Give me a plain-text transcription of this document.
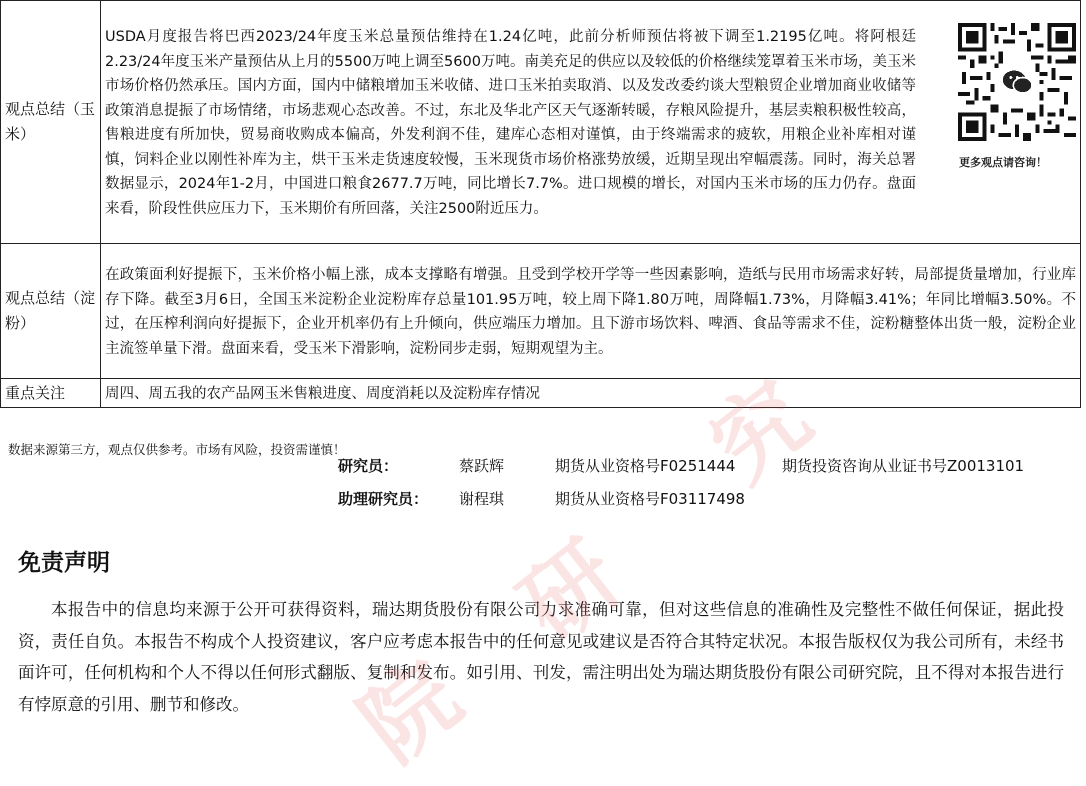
观点总结（玉米）	USDA月度报告将巴西2023/24年度玉米总量预估维持在1.24亿吨，此前分析师预估将被下调至1.2195亿吨。将阿根廷2.23/24年度玉米产量预估从上月的5500万吨上调至5600万吨。南美充足的供应以及较低的价格继续笼罩着玉米市场，美玉米市场价格仍然承压。国内方面，国内中储粮增加玉米收储、进口玉米拍卖取消、以及发改委约谈大型粮贸企业增加商业收储等政策消息提振了市场情绪，市场悲观心态改善。不过，东北及华北产区天气逐渐转暖，存粮风险提升，基层卖粮积极性较高，售粮进度有所加快，贸易商收购成本偏高，外发利润不佳，建库心态相对谨慎，由于终端需求的疲软，用粮企业补库相对谨慎，饲料企业以刚性补库为主，烘干玉米走货速度较慢，玉米现货市场价格涨势放缓，近期呈现出窄幅震荡。同时，海关总署数据显示，2024年1-2月，中国进口粮食2677.7万吨，同比增长7.7%。进口规模的增长，对国内玉米市场的压力仍存。盘面来看，阶段性供应压力下，玉米期价有所回落，关注2500附近压力。
更多观点请咨询！

观点总结（淀粉）	在政策面利好提振下，玉米价格小幅上涨，成本支撑略有增强。且受到学校开学等一些因素影响，造纸与民用市场需求好转，局部提货量增加，行业库存下降。截至3月6日，全国玉米淀粉企业淀粉库存总量101.95万吨，较上周下降1.80万吨，周降幅1.73%，月降幅3.41%；年同比增幅3.50%。不过，在压榨利润向好提振下，企业开机率仍有上升倾向，供应端压力增加。且下游市场饮料、啤酒、食品等需求不佳，淀粉糖整体出货一般，淀粉企业主流签单量下滑。盘面来看，受玉米下滑影响，淀粉同步走弱，短期观望为主。
重点关注	周四、周五我的农产品网玉米售粮进度、周度消耗以及淀粉库存情况
数据来源第三方，观点仅供参考。市场有风险，投资需谨慎！
研究员：	蔡跃辉	期货从业资格号F0251444	期货投资咨询从业证书号Z0013101
助理研究员： 谢程琪	期货从业资格号F03117498
免责声明
本报告中的信息均来源于公开可获得资料，瑞达期货股份有限公司力求准确可靠，但对这些信息的准确性及完整性不做任何保证，据此投资，责任自负。本报告不构成个人投资建议，客户应考虑本报告中的任何意见或建议是否符合其特定状况。本报告版权仅为我公司所有，未经书面许可，任何机构和个人不得以任何形式翻版、复制和发布。如引用、刊发，需注明出处为瑞达期货股份有限公司研究院，且不得对本报告进行有悖原意的引用、删节和修改。
研
究
院
